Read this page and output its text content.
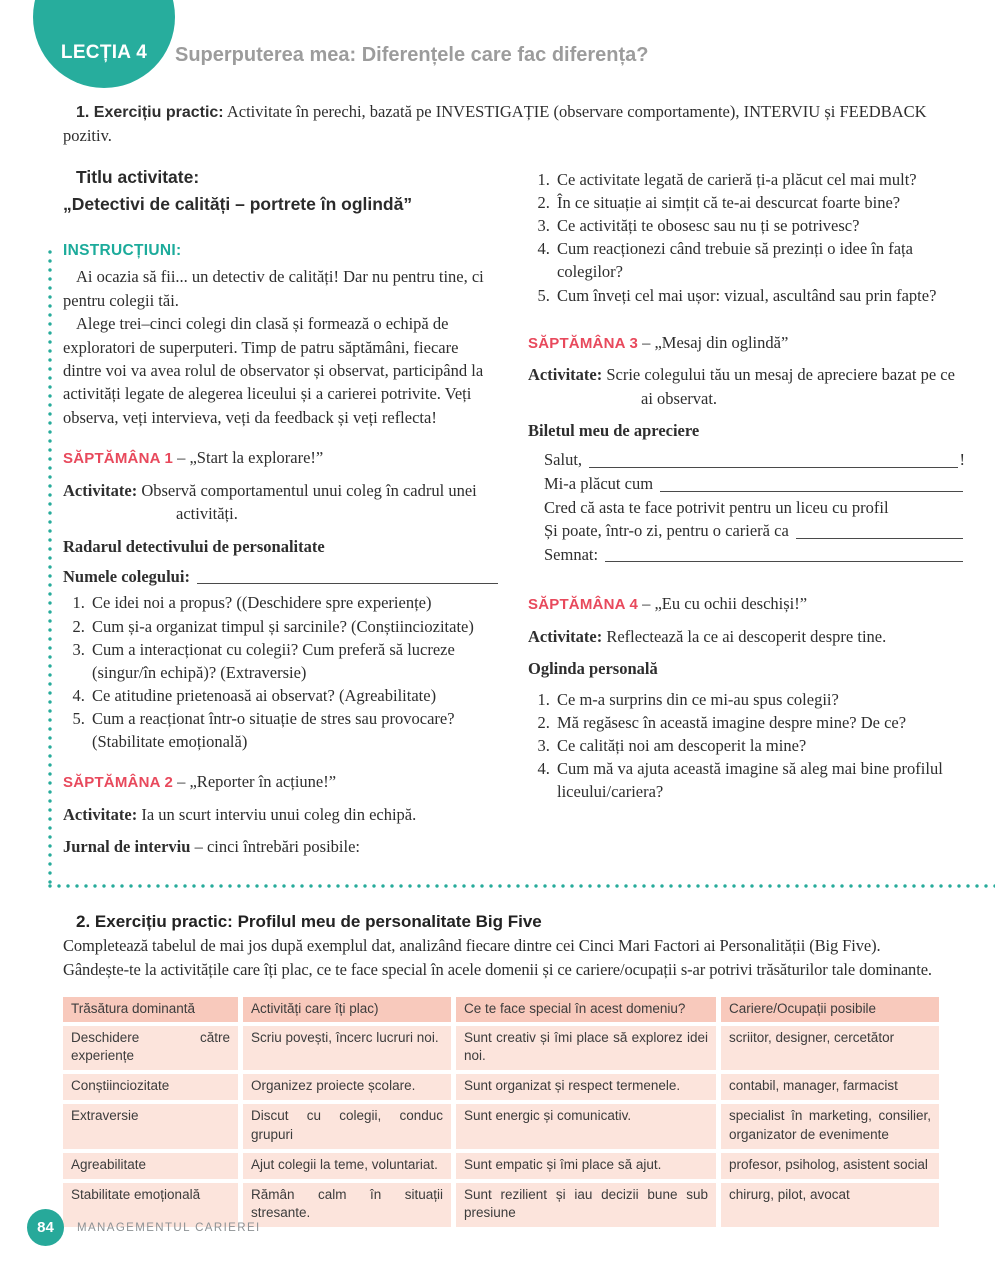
LECȚIA 4 Superputerea mea: Diferențele care fac diferența?

1. Exercițiu practic: Activitate în perechi, bazată pe INVESTIGAȚIE (observare comportamente), INTERVIU și FEEDBACK pozitiv.

Titlu activitate:
„Detectivi de calități – portrete în oglindă”
INSTRUCȚIUNI:

Ai ocazia să fii... un detectiv de calități! Dar nu pentru tine, ci pentru colegii tăi.

Alege trei–cinci colegi din clasă și formează o echipă de exploratori de superputeri. Timp de patru săptămâni, fiecare dintre voi va avea rolul de observator și observat, participând la activități legate de alegerea liceului și a carierei potrivite. Veți observa, veți intervieva, veți da feedback și veți reflecta!

SĂPTĂMÂNA 1 – „Start la explorare!”

Activitate: Observă comportamentul unui coleg în cadrul unei activități.

Radarul detectivului de personalitate
Numele colegului:
1. Ce idei noi a propus? ((Deschidere spre experiențe)
2. Cum și-a organizat timpul și sarcinile? (Conștiinciozitate)
3. Cum a interacționat cu colegii? Cum preferă să lucreze (singur/în echipă)? (Extraversie)
4. Ce atitudine prietenoasă ai observat? (Agreabilitate)
5. Cum a reacționat într-o situație de stres sau provocare? (Stabilitate emoțională)
SĂPTĂMÂNA 2 – „Reporter în acțiune!”

Activitate: Ia un scurt interviu unui coleg din echipă.

Jurnal de interviu – cinci întrebări posibile:

1. Ce activitate legată de carieră ți-a plăcut cel mai mult?
2. În ce situație ai simțit că te-ai descurcat foarte bine?
3. Ce activități te obosesc sau nu ți se potrivesc?
4. Cum reacționezi când trebuie să prezinți o idee în fața colegilor?
5. Cum înveți cel mai ușor: vizual, ascultând sau prin fapte?
SĂPTĂMÂNA 3 – „Mesaj din oglindă”

Activitate: Scrie colegului tău un mesaj de apreciere bazat pe ce ai observat.

Biletul meu de apreciere
Salut,	!
Mi-a plăcut cum
Cred că asta te face potrivit pentru un liceu cu profil
Și poate, într-o zi, pentru o carieră ca
Semnat:
SĂPTĂMÂNA 4 – „Eu cu ochii deschiși!”

Activitate: Reflectează la ce ai descoperit despre tine.

Oglinda personală
1. Ce m-a surprins din ce mi-au spus colegii?
2. Mă regăsesc în această imagine despre mine? De ce?
3. Ce calități noi am descoperit la mine?
4. Cum mă va ajuta această imagine să aleg mai bine profilul liceului/cariera?
2. Exercițiu practic: Profilul meu de personalitate Big Five

Completează tabelul de mai jos după exemplul dat, analizând fiecare dintre cei Cinci Mari Factori ai Personalității (Big Five). Gândește-te la activitățile care îți plac, ce te face special în acele domenii și ce cariere/ocupații s-ar potrivi trăsăturilor tale dominante.

Trăsătura dominantă	Activități care îți plac)	Ce te face special în acest domeniu?	Cariere/Ocupații posibile
Deschidere către experiențe	Scriu povești, încerc lucruri noi.	Sunt creativ și îmi place să explorez idei noi.	scriitor, designer, cercetător
Conștiinciozitate	Organizez proiecte școlare.	Sunt organizat și respect termenele.	contabil, manager, farmacist
Extraversie	Discut cu colegii, conduc grupuri	Sunt energic și comunicativ.	specialist în marketing, consilier, organizator de evenimente
Agreabilitate	Ajut colegii la teme, voluntariat.	Sunt empatic și îmi place să ajut.	profesor, psiholog, asistent social
Stabilitate emoțională	Rămân calm în situații stresante.	Sunt rezilient și iau decizii bune sub presiune	chirurg, pilot, avocat
84 MANAGEMENTUL CARIEREI
